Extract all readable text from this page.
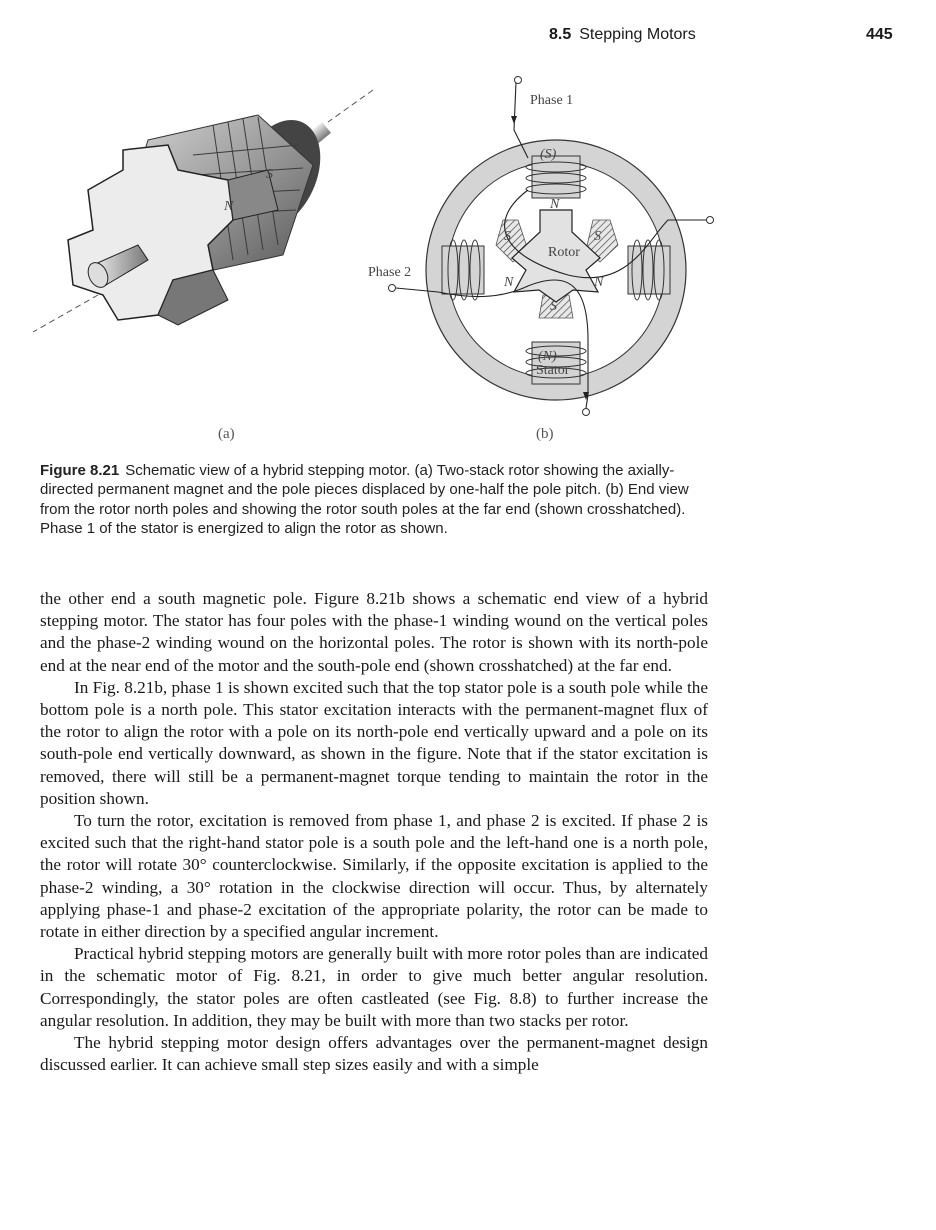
8.5 Stepping Motors	445
S
N
Phase 1
Phase 2
(S)
(N)
Rotor
Stator
N
N	N
S	S
S
(a)	(b)
Figure 8.21 Schematic view of a hybrid stepping motor. (a) Two-stack rotor showing the axially-directed permanent magnet and the pole pieces displaced by one-half the pole pitch. (b) End view from the rotor north poles and showing the rotor south poles at the far end (shown crosshatched). Phase 1 of the stator is energized to align the rotor as shown.

the other end a south magnetic pole. Figure 8.21b shows a schematic end view of a hybrid stepping motor. The stator has four poles with the phase-1 winding wound on the vertical poles and the phase-2 winding wound on the horizontal poles. The rotor is shown with its north-pole end at the near end of the motor and the south-pole end (shown crosshatched) at the far end.

In Fig. 8.21b, phase 1 is shown excited such that the top stator pole is a south pole while the bottom pole is a north pole. This stator excitation interacts with the permanent-magnet flux of the rotor to align the rotor with a pole on its north-pole end vertically upward and a pole on its south-pole end vertically downward, as shown in the figure. Note that if the stator excitation is removed, there will still be a permanent-magnet torque tending to maintain the rotor in the position shown.

To turn the rotor, excitation is removed from phase 1, and phase 2 is excited. If phase 2 is excited such that the right-hand stator pole is a south pole and the left-hand one is a north pole, the rotor will rotate 30° counterclockwise. Similarly, if the opposite excitation is applied to the phase-2 winding, a 30° rotation in the clockwise direction will occur. Thus, by alternately applying phase-1 and phase-2 excitation of the appropriate polarity, the rotor can be made to rotate in either direction by a specified angular increment.

Practical hybrid stepping motors are generally built with more rotor poles than are indicated in the schematic motor of Fig. 8.21, in order to give much better angular resolution. Correspondingly, the stator poles are often castleated (see Fig. 8.8) to further increase the angular resolution. In addition, they may be built with more than two stacks per rotor.

The hybrid stepping motor design offers advantages over the permanent-magnet design discussed earlier. It can achieve small step sizes easily and with a simple
